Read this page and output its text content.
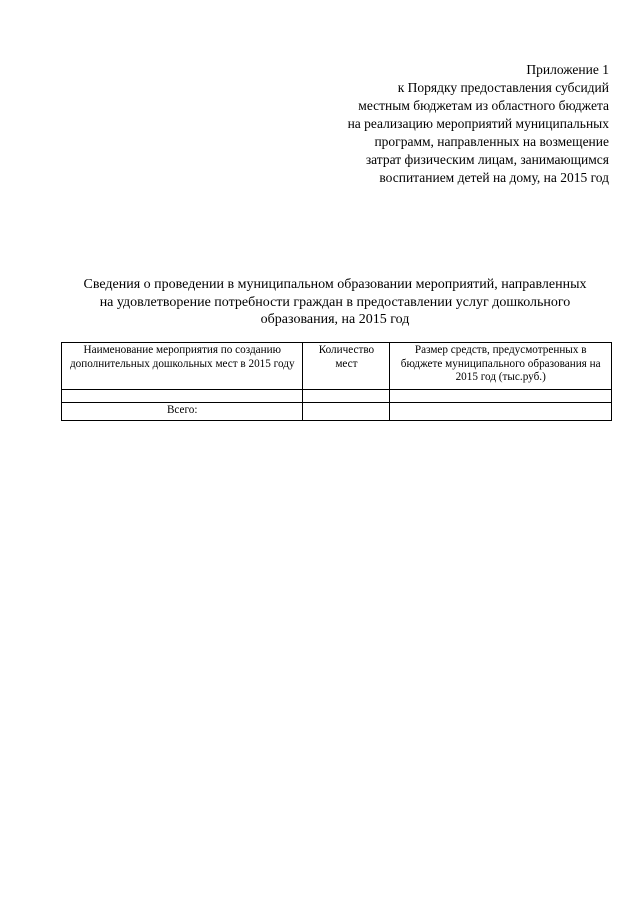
Приложение 1
к Порядку предоставления субсидий
местным бюджетам из областного бюджета
на реализацию мероприятий муниципальных
программ, направленных на возмещение
затрат физическим лицам, занимающимся
воспитанием детей на дому, на 2015 год
Сведения о проведении в муниципальном образовании мероприятий, направленных
на удовлетворение потребности граждан в предоставлении услуг дошкольного
образования, на 2015 год
Наименование мероприятия по созданию дополнительных дошкольных мест в 2015 году	Количество мест	Размер средств, предусмотренных в бюджете муниципального образования на 2015 год (тыс.руб.)

Всего:		
